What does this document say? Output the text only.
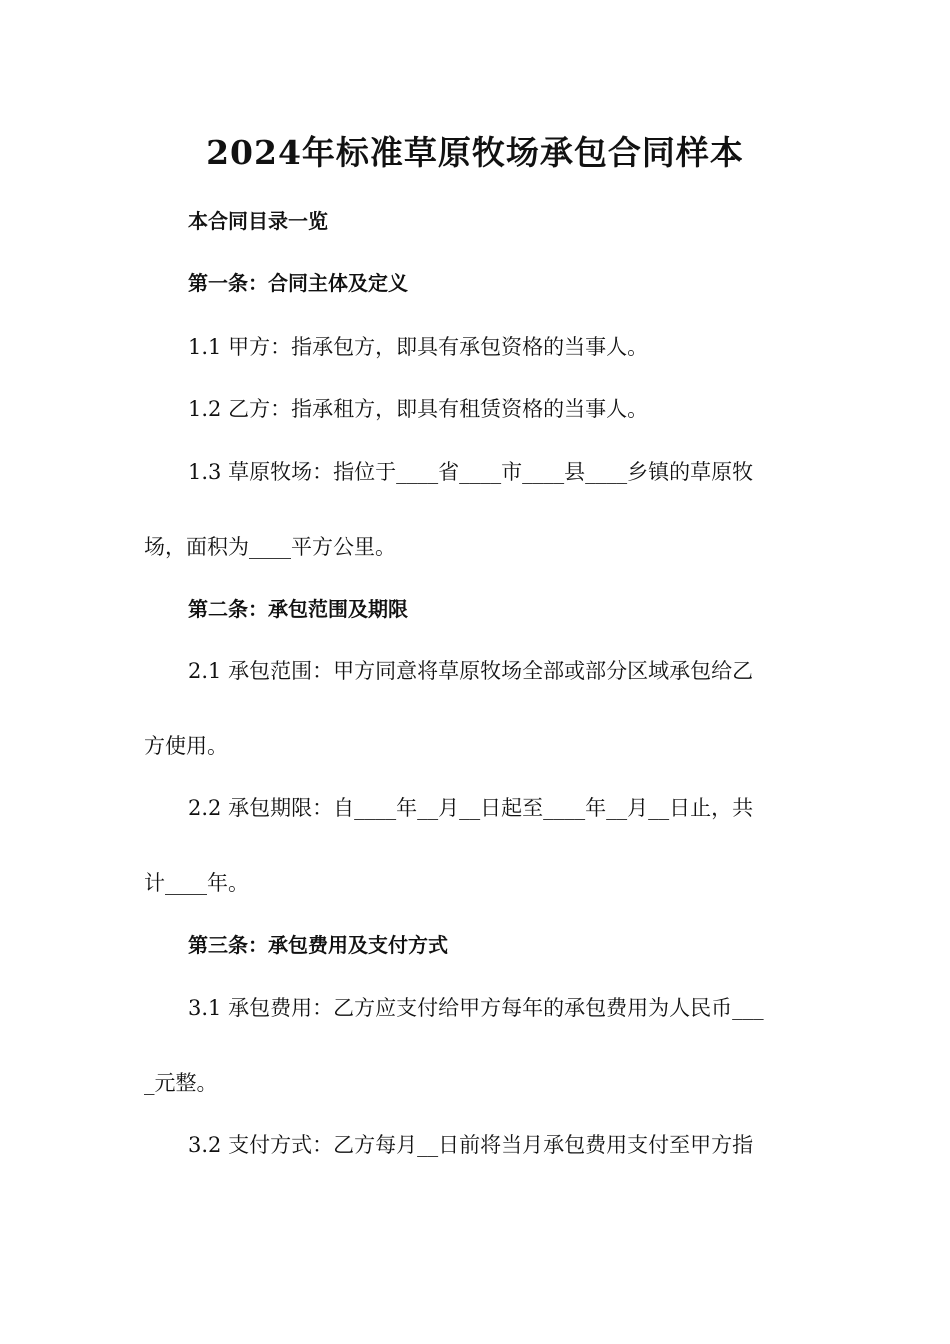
2024年标准草原牧场承包合同样本
本合同目录一览
第一条：合同主体及定义
1.1 甲方：指承包方，即具有承包资格的当事人。
1.2 乙方：指承租方，即具有租赁资格的当事人。
1.3 草原牧场：指位于____省____市____县____乡镇的草原牧
场，面积为____平方公里。
第二条：承包范围及期限
2.1 承包范围：甲方同意将草原牧场全部或部分区域承包给乙
方使用。
2.2 承包期限：自____年__月__日起至____年__月__日止，共
计____年。
第三条：承包费用及支付方式
3.1 承包费用：乙方应支付给甲方每年的承包费用为人民币___
_元整。
3.2 支付方式：乙方每月__日前将当月承包费用支付至甲方指
